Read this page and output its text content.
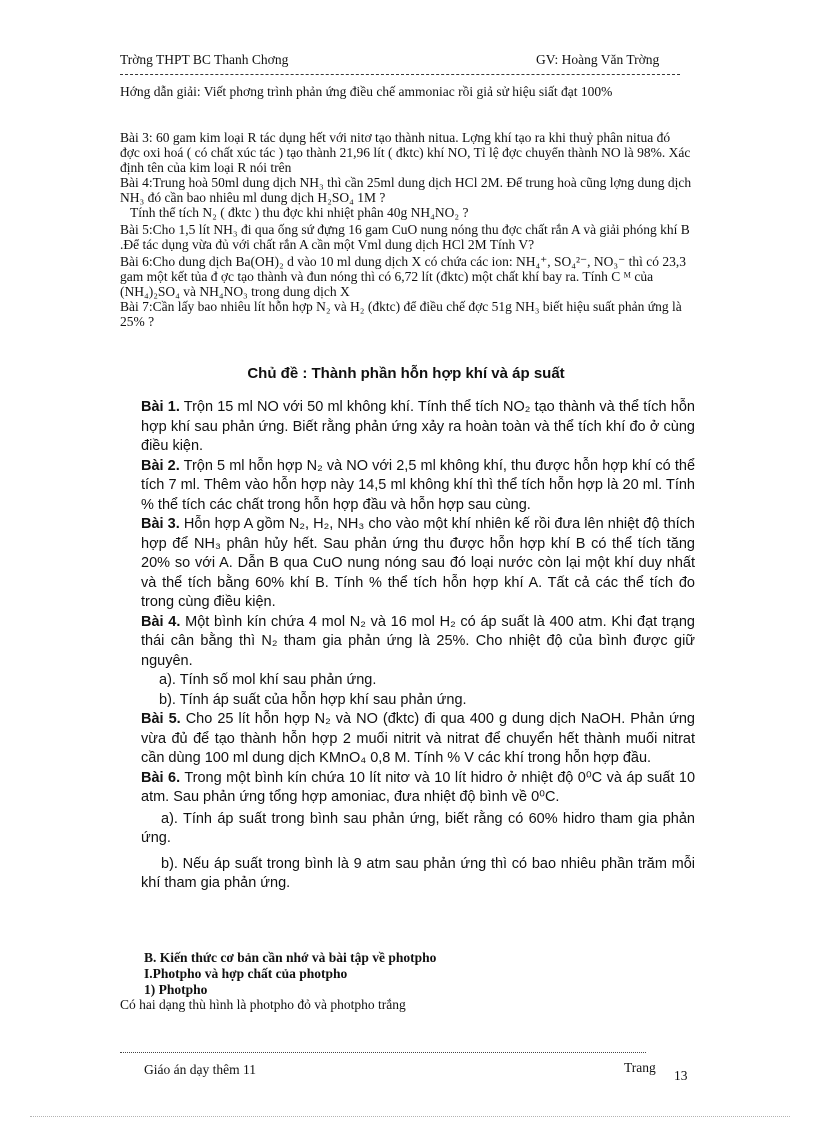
Trờng THPT BC Thanh Chơng	GV: Hoàng Văn Trờng
Hớng dẫn giải: Viết phơng trình phản ứng điều chế ammoniac rồi giả sử hiệu siất đạt 100%

Bài 3: 60 gam kim loại R tác dụng hết với nitơ tạo thành nitua. Lợng khí tạo ra khi thuỷ phân nitua đó đợc oxi hoá ( có chất xúc tác ) tạo thành 21,96 lít ( đktc) khí NO, Tỉ lệ đợc chuyển thành NO là 98%. Xác định tên của kim loại R nói trên

Bài 4:Trung hoà 50ml dung dịch NH₃ thì cần 25ml dung dịch HCl 2M. Để trung hoà cũng lợng dung dịch NH₃ đó cần bao nhiêu ml dung dịch H₂SO₄ 1M ?

Tính thể tích N₂ ( đktc ) thu đợc khi nhiệt phân 40g NH₄NO₂ ?

Bài 5:Cho 1,5 lít NH₃ đi qua ống sứ đựng 16 gam CuO nung nóng thu đợc chất rắn A và giải phóng khí B .Để tác dụng vừa đủ với chất rắn A cần một Vml dung dịch HCl 2M Tính V?

Bài 6:Cho dung dịch Ba(OH)₂ d vào 10 ml dung dịch X có chứa các ion: NH₄⁺, SO₄²⁻, NO₃⁻ thì có 23,3 gam một kết tủa đ ợc tạo thành và đun nóng thì có 6,72 lít (đktc) một chất khí bay ra. Tính C ᴹ của (NH₄)₂SO₄ và NH₄NO₃ trong dung dịch X

Bài 7:Cần lấy bao nhiêu lít hỗn hợp N₂ và H₂ (đktc) để điều chế đợc 51g NH₃ biết hiệu suất phản ứng là 25% ?

Chủ đề : Thành phần hỗn hợp khí và áp suất

Bài 1. Trộn 15 ml NO với 50 ml không khí. Tính thể tích NO₂ tạo thành và thể tích hỗn hợp khí sau phản ứng. Biết rằng phản ứng xảy ra hoàn toàn và thể tích khí đo ở cùng điều kiện.

Bài 2. Trộn 5 ml hỗn hợp N₂ và NO với 2,5 ml không khí, thu được hỗn hợp khí có thể tích 7 ml. Thêm vào hỗn hợp này 14,5 ml không khí thì thể tích hỗn hợp là 20 ml. Tính % thể tích các chất trong hỗn hợp đầu và hỗn hợp sau cùng.

Bài 3. Hỗn hợp A gồm N₂, H₂, NH₃ cho vào một khí nhiên kế rồi đưa lên nhiệt độ thích hợp để NH₃ phân hủy hết. Sau phản ứng thu được hỗn hợp khí B có thể tích tăng 20% so với A. Dẫn B qua CuO nung nóng sau đó loại nước còn lại một khí duy nhất và thể tích bằng 60% khí B. Tính % thể tích hỗn hợp khí A. Tất cả các thể tích đo trong cùng điều kiện.

Bài 4. Một bình kín chứa 4 mol N₂ và 16 mol H₂ có áp suất là 400 atm. Khi đạt trạng thái cân bằng thì N₂ tham gia phản ứng là 25%. Cho nhiệt độ của bình được giữ nguyên.

a). Tính số mol khí sau phản ứng.

b). Tính áp suất của hỗn hợp khí sau phản ứng.

Bài 5. Cho 25 lít hỗn hợp N₂ và NO (đktc) đi qua 400 g dung dịch NaOH. Phản ứng vừa đủ để tạo thành hỗn hợp 2 muối nitrit và nitrat để chuyển hết thành muối nitrat cần dùng 100 ml dung dịch KMnO₄ 0,8 M. Tính % V các khí trong hỗn hợp đầu.

Bài 6. Trong một bình kín chứa 10 lít nitơ và 10 lít hidro ở nhiệt độ 0⁰C và áp suất 10 atm. Sau phản ứng tổng hợp amoniac, đưa nhiệt độ bình về 0⁰C.

a). Tính áp suất trong bình sau phản ứng, biết rằng có 60% hidro tham gia phản ứng.

b). Nếu áp suất trong bình là 9 atm sau phản ứng thì có bao nhiêu phần trăm mỗi khí tham gia phản ứng.

B. Kiến thức cơ bản cần nhớ và bài tập về photpho
I.Photpho và hợp chất của photpho
1) Photpho
Có hai dạng thù hình là photpho đỏ và photpho trắng
Giáo án dạy thêm 11	Trang
13
